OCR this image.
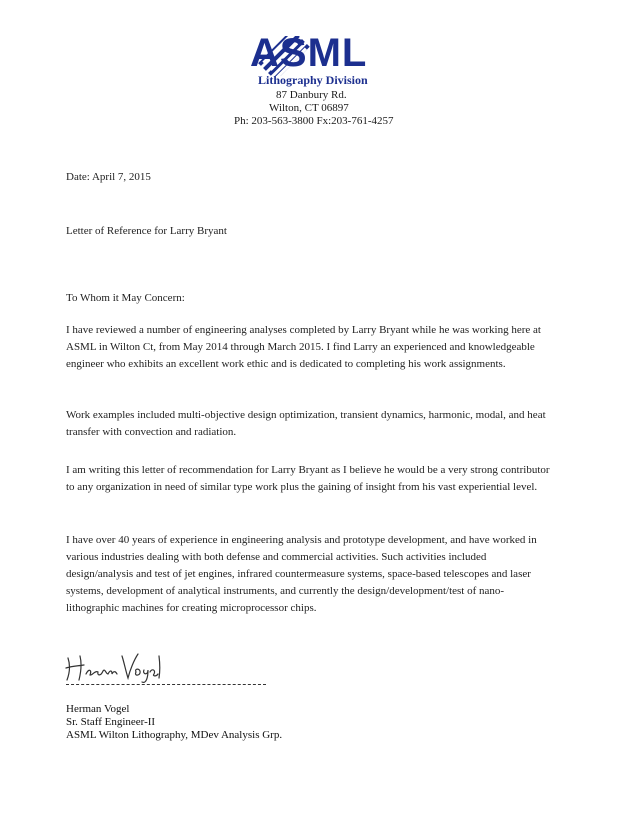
ASML
Lithography Division
87 Danbury Rd.
Wilton, CT 06897
Ph: 203-563-3800 Fx:203-761-4257
Date: April 7, 2015
Letter of Reference for Larry Bryant
To Whom it May Concern:
I have reviewed a number of engineering analyses completed by Larry Bryant while he was working here at ASML in Wilton Ct, from May 2014 through March 2015. I find Larry an experienced and knowledgeable engineer who exhibits an excellent work ethic and is dedicated to completing his work assignments.
Work examples included multi-objective design optimization, transient dynamics, harmonic, modal, and heat transfer with convection and radiation.
I am writing this letter of recommendation for Larry Bryant as I believe he would be a very strong contributor to any organization in need of similar type work plus the gaining of insight from his vast experiential level.
I have over 40 years of experience in engineering analysis and prototype development, and have worked in various industries dealing with both defense and commercial activities. Such activities included design/analysis and test of jet engines, infrared countermeasure systems, space-based telescopes and laser systems, development of analytical instruments, and currently the design/development/test of nano-lithographic machines for creating microprocessor chips.
Herman Vogel
Sr. Staff Engineer-II
ASML Wilton Lithography, MDev Analysis Grp.
